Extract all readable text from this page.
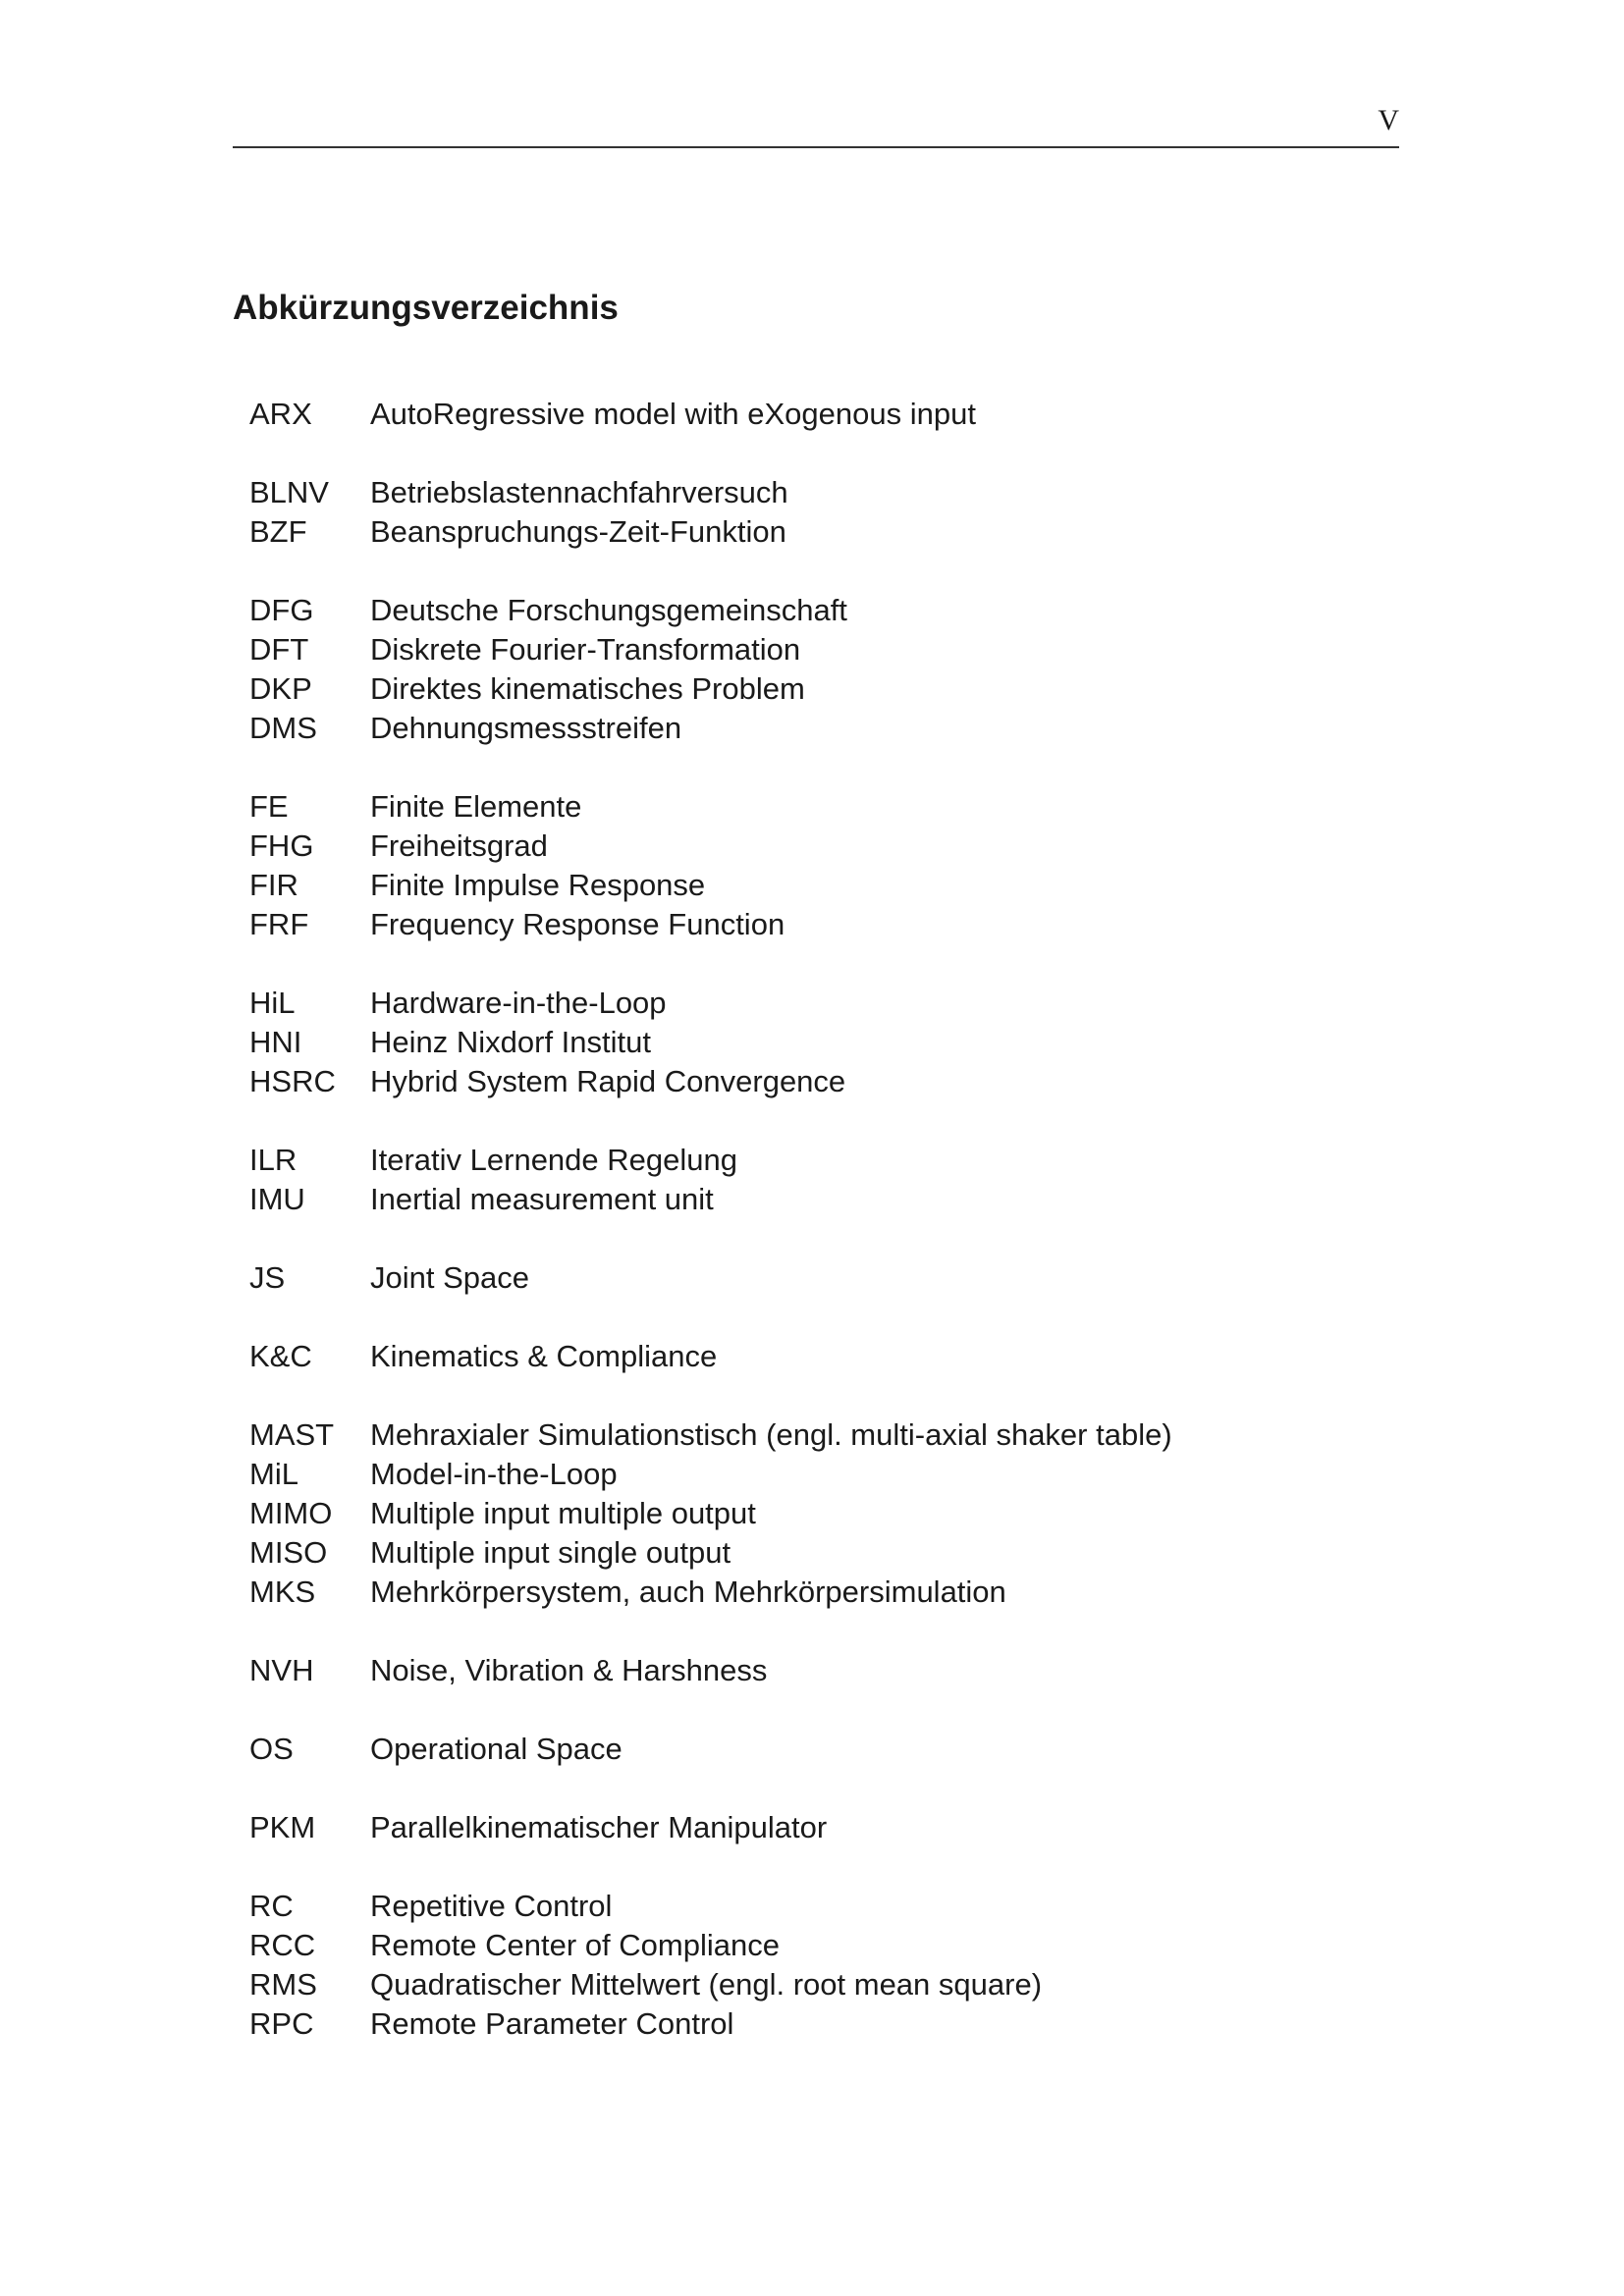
V
Abkürzungsverzeichnis
ARX	AutoRegressive model with eXogenous input
BLNV	Betriebslastennachfahrversuch
BZF	Beanspruchungs-Zeit-Funktion
DFG	Deutsche Forschungsgemeinschaft
DFT	Diskrete Fourier-Transformation
DKP	Direktes kinematisches Problem
DMS	Dehnungsmessstreifen
FE	Finite Elemente
FHG	Freiheitsgrad
FIR	Finite Impulse Response
FRF	Frequency Response Function
HiL	Hardware-in-the-Loop
HNI	Heinz Nixdorf Institut
HSRC	Hybrid System Rapid Convergence
ILR	Iterativ Lernende Regelung
IMU	Inertial measurement unit
JS	Joint Space
K&C	Kinematics & Compliance
MAST	Mehraxialer Simulationstisch (engl. multi-axial shaker table)
MiL	Model-in-the-Loop
MIMO	Multiple input multiple output
MISO	Multiple input single output
MKS	Mehrkörpersystem, auch Mehrkörpersimulation
NVH	Noise, Vibration & Harshness
OS	Operational Space
PKM	Parallelkinematischer Manipulator
RC	Repetitive Control
RCC	Remote Center of Compliance
RMS	Quadratischer Mittelwert (engl. root mean square)
RPC	Remote Parameter Control
